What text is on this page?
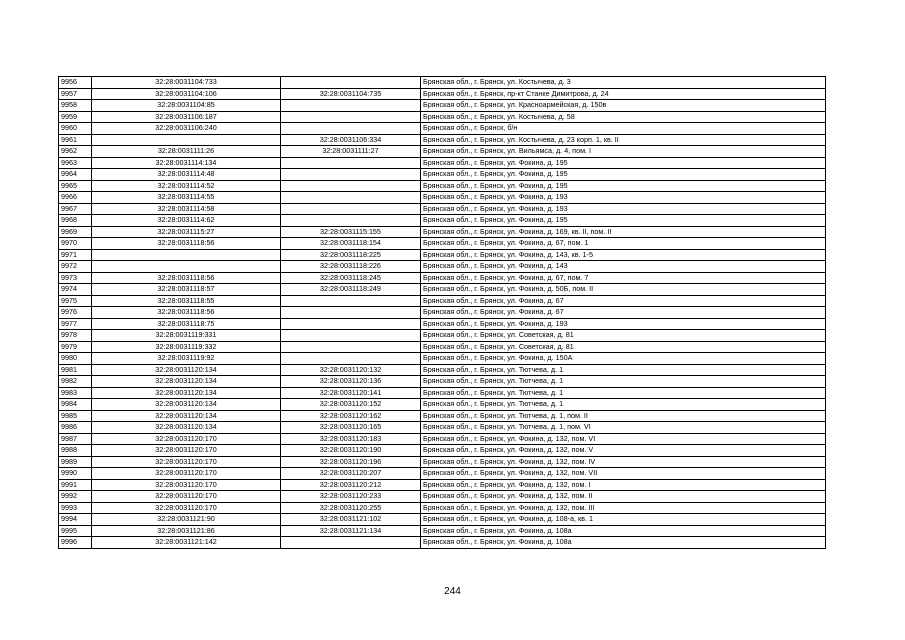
9956	32:28:0031104:733		Брянская обл., г. Брянск, ул. Костычева, д. 3
9957	32:28:0031104:106	32:28:0031104:735	Брянская обл., г. Брянск, пр-кт Станке Димитрова, д. 24
9958	32:28:0031104:85		Брянская обл., г. Брянск, ул. Красноармейская, д. 150в
9959	32:28:0031106:187		Брянская обл., г. Брянск, ул. Костычева, д. 58
9960	32:28:0031106:240		Брянская обл., г. Брянск, б/н
9961		32:28:0031106:334	Брянская обл., г. Брянск, ул. Костычева, д. 23 корп. 1, кв. II
9962	32:28:0031111:26	32:28:0031111:27	Брянская обл., г. Брянск, ул. Вильямса, д. 4, пом. I
9963	32:28:0031114:134		Брянская обл., г. Брянск, ул. Фокина, д. 195
9964	32:28:0031114:48		Брянская обл., г. Брянск, ул. Фокина, д. 195
9965	32:28:0031114:52		Брянская обл., г. Брянск, ул. Фокина, д. 195
9966	32:28:0031114:55		Брянская обл., г. Брянск, ул. Фокина, д. 193
9967	32:28:0031114:58		Брянская обл., г. Брянск, ул. Фокина, д. 193
9968	32:28:0031114:62		Брянская обл., г. Брянск, ул. Фокина, д. 195
9969	32:28:0031115:27	32:28:0031115:155	Брянская обл., г. Брянск, ул. Фокина, д. 169, кв. II, пом. II
9970	32:28:0031118:56	32:28:0031118:154	Брянская обл., г. Брянск, ул. Фокина, д. 67, пом. 1
9971		32:28:0031118:225	Брянская обл., г. Брянск, ул. Фокина, д. 143, кв. 1-5
9972		32:28:0031118:226	Брянская обл., г. Брянск, ул. Фокина, д. 143
9973	32:28:0031118:56	32:28:0031118:245	Брянская обл., г. Брянск, ул. Фокина, д. 67, пом. 7
9974	32:28:0031118:57	32:28:0031118:249	Брянская обл., г. Брянск, ул. Фокина, д. 50Б, пом. II
9975	32:28:0031118:55		Брянская обл., г. Брянск, ул. Фокина, д. 67
9976	32:28:0031118:56		Брянская обл., г. Брянск, ул. Фокина, д. 67
9977	32:28:0031118:75		Брянская обл., г. Брянск, ул. Фокина, д. 193
9978	32:28:0031119:331		Брянская обл., г. Брянск, ул. Советская, д. 81
9979	32:28:0031119:332		Брянская обл., г. Брянск, ул. Советская, д. 81
9980	32:28:0031119:92		Брянская обл., г. Брянск, ул. Фокина, д. 150А
9981	32:28:0031120:134	32:28:0031120:132	Брянская обл., г. Брянск, ул. Тютчева, д. 1
9982	32:28:0031120:134	32:28:0031120:136	Брянская обл., г. Брянск, ул. Тютчева, д. 1
9983	32:28:0031120:134	32:28:0031120:141	Брянская обл., г. Брянск, ул. Тютчева, д. 1
9984	32:28:0031120:134	32:28:0031120:152	Брянская обл., г. Брянск, ул. Тютчева, д. 1
9985	32:28:0031120:134	32:28:0031120:162	Брянская обл., г. Брянск, ул. Тютчева, д. 1, пом. II
9986	32:28:0031120:134	32:28:0031120:165	Брянская обл., г. Брянск, ул. Тютчева, д. 1, пом. VI
9987	32:28:0031120:170	32:28:0031120:183	Брянская обл., г. Брянск, ул. Фокина, д. 132, пом. VI
9988	32:28:0031120:170	32:28:0031120:190	Брянская обл., г. Брянск, ул. Фокина, д. 132, пом. V
9989	32:28:0031120:170	32:28:0031120:196	Брянская обл., г. Брянск, ул. Фокина, д. 132, пом. IV
9990	32:28:0031120:170	32:28:0031120:207	Брянская обл., г. Брянск, ул. Фокина, д. 132, пом. VII
9991	32:28:0031120:170	32:28:0031120:212	Брянская обл., г. Брянск, ул. Фокина, д. 132, пом. I
9992	32:28:0031120:170	32:28:0031120:233	Брянская обл., г. Брянск, ул. Фокина, д. 132, пом. II
9993	32:28:0031120:170	32:28:0031120:255	Брянская обл., г. Брянск, ул. Фокина, д. 132, пом. III
9994	32:28:0031121:90	32:28:0031121:102	Брянская обл., г. Брянск, ул. Фокина, д. 108-а, кв. 1
9995	32:28:0031121:86	32:28:0031121:134	Брянская обл., г. Брянск, ул. Фокина, д. 108а
9996	32:28:0031121:142		Брянская обл., г. Брянск, ул. Фокина, д. 108а
244
